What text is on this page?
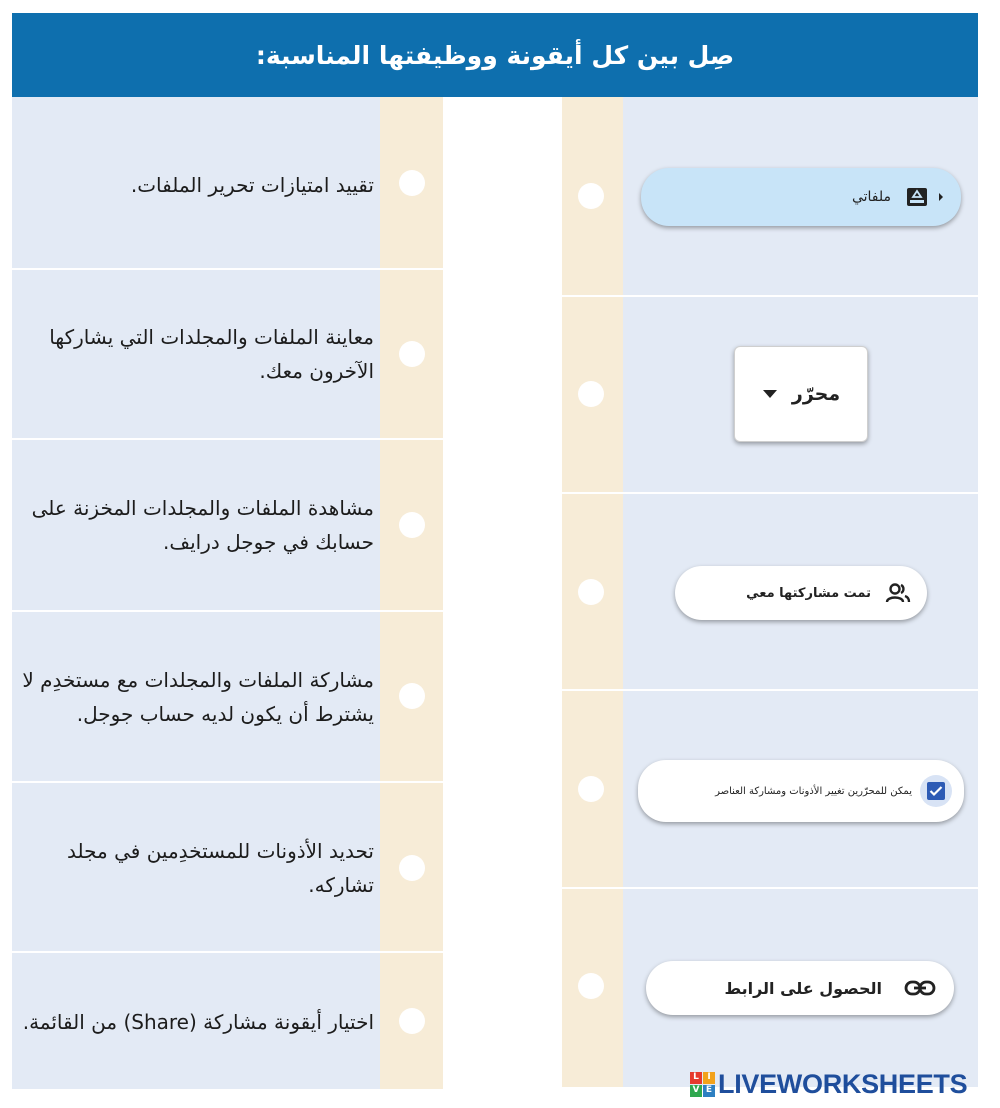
صِل بين كل أيقونة ووظيفتها المناسبة:
تقييد امتيازات تحرير الملفات.
معاينة الملفات والمجلدات التي يشاركها الآخرون معك.
مشاهدة الملفات والمجلدات المخزنة على حسابك في جوجل درايف.
مشاركة الملفات والمجلدات مع مستخدِم لا يشترط أن يكون لديه حساب جوجل.
تحديد الأذونات للمستخدِمين في مجلد تشاركه.
اختيار أيقونة مشاركة (Share) من القائمة.
ملفاتي
محرّر
تمت مشاركتها معي
يمكن للمحرّرين تغيير الأذونات ومشاركة العناصر
الحصول على الرابط
L I
V E LIVEWORKSHEETS
